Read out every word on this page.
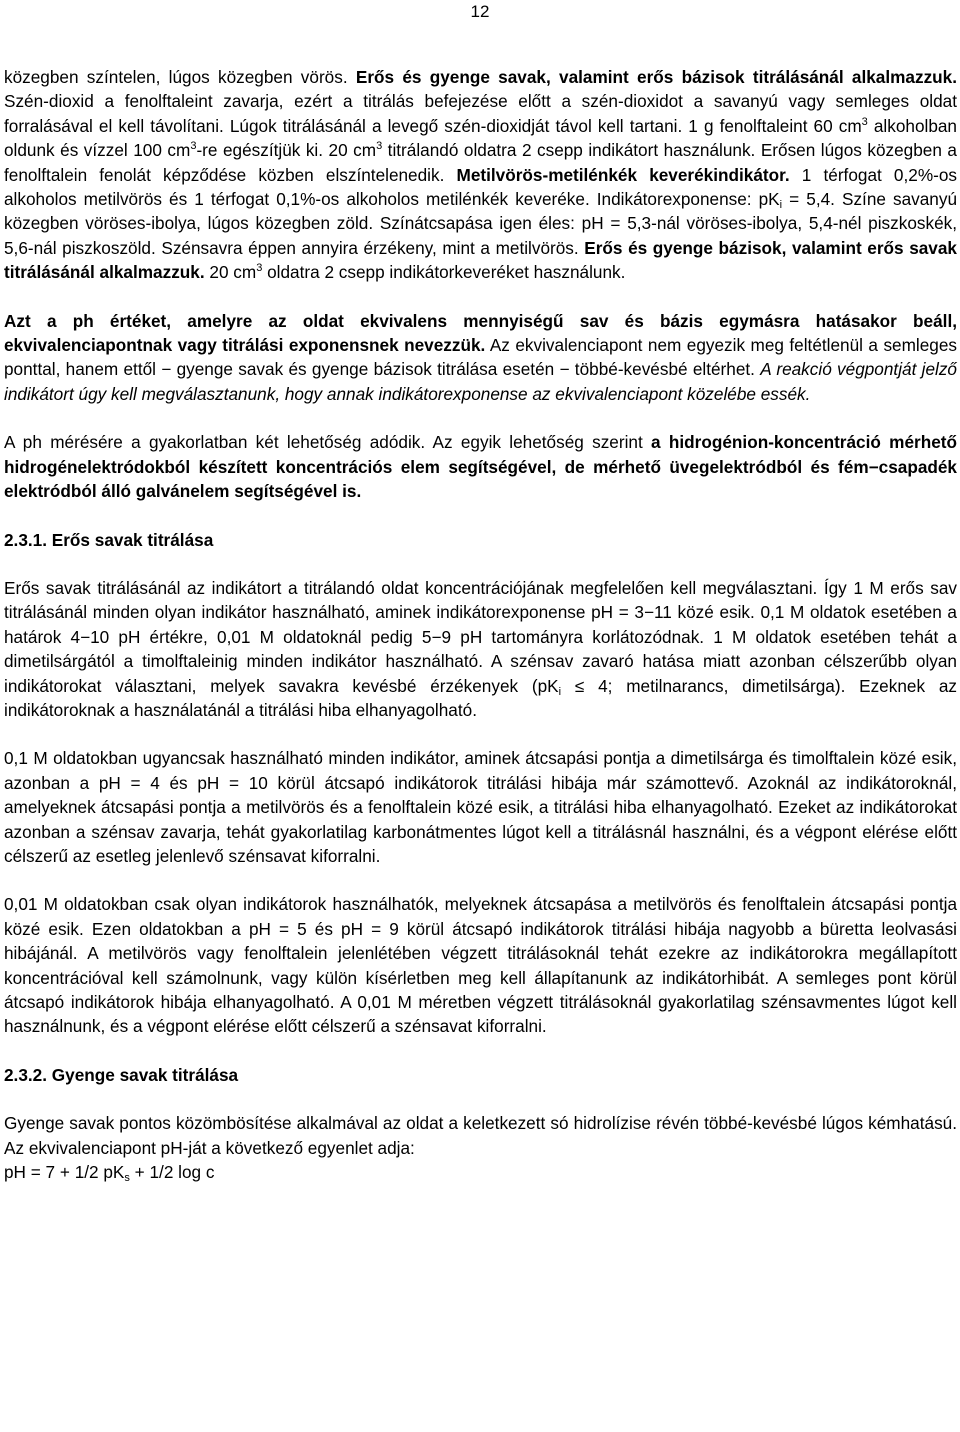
12

közegben színtelen, lúgos közegben vörös. Erős és gyenge savak, valamint erős bázisok titrálásánál alkalmazzuk. Szén-dioxid a fenolftaleint zavarja, ezért a titrálás befejezése előtt a szén-dioxidot a savanyú vagy semleges oldat forralásával el kell távolítani. Lúgok titrálásánál a levegő szén-dioxidját távol kell tartani. 1 g fenolftaleint 60 $cm^3$ alkoholban oldunk és vízzel 100 $cm^3-re$ egészítjük ki. 20 $cm^3$ titrálandó oldatra 2 csepp indikátort használunk. Erősen lúgos közegben a fenolftalein fenolát képződése közben elszíntelenedik. Metilvörös-metilénkék keverékindikátor. 1 térfogat 0,2%-os alkoholos metilvörös és 1 térfogat 0,1%-os alkoholos metilénkék keveréke. Indikátorexponense: $pK_i = 5,4$. Színe savanyú közegben vöröses-ibolya, lúgos közegben zöld. Színátcsapása igen éles: pH = 5,3-nál vöröses-ibolya, 5,4-nél piszkoskék, 5,6-nál piszkoszöld. Szénsavra éppen annyira érzékeny, mint a metilvörös. Erős és gyenge bázisok, valamint erős savak titrálásánál alkalmazzuk. 20 $cm^3$ oldatra 2 csepp indikátorkeveréket használunk.

Azt a ph értéket, amelyre az oldat ekvivalens mennyiségű sav és bázis egymásra hatásakor beáll, ekvivalenciapontnak vagy titrálási exponensnek nevezzük. Az ekvivalenciapont nem egyezik meg feltétlenül a semleges ponttal, hanem ettől − gyenge savak és gyenge bázisok titrálása esetén − többé-kevésbé eltérhet. A reakció végpontját jelző indikátort úgy kell megválasztanunk, hogy annak indikátorexponense az ekvivalenciapont közelébe essék.

A ph mérésére a gyakorlatban két lehetőség adódik. Az egyik lehetőség szerint a hidrogénion-koncentráció mérhető hidrogénelektródokból készített koncentrációs elem segítségével, de mérhető üvegelektródból és fém−csapadék elektródból álló galvánelem segítségével is.

2.3.1. Erős savak titrálása

Erős savak titrálásánál az indikátort a titrálandó oldat koncentrációjának megfelelően kell megválasztani. Így 1 M erős sav titrálásánál minden olyan indikátor használható, aminek indikátorexponense pH = 3−11 közé esik. 0,1 M oldatok esetében a határok 4−10 pH értékre, 0,01 M oldatoknál pedig 5−9 pH tartományra korlátozódnak. 1 M oldatok esetében tehát a dimetilsárgától a timolftaleinig minden indikátor használható. A szénsav zavaró hatása miatt azonban célszerűbb olyan indikátorokat választani, melyek savakra kevésbé érzékenyek ($pK_i \le 4$; metilnarancs, dimetilsárga). Ezeknek az indikátoroknak a használatánál a titrálási hiba elhanyagolható.

0,1 M oldatokban ugyancsak használható minden indikátor, aminek átcsapási pontja a dimetilsárga és timolftalein közé esik, azonban a pH = 4 és pH = 10 körül átcsapó indikátorok titrálási hibája már számottevő. Azoknál az indikátoroknál, amelyeknek átcsapási pontja a metilvörös és a fenolftalein közé esik, a titrálási hiba elhanyagolható. Ezeket az indikátorokat azonban a szénsav zavarja, tehát gyakorlatilag karbonátmentes lúgot kell a titrálásnál használni, és a végpont elérése előtt célszerű az esetleg jelenlevő szénsavat kiforralni.

0,01 M oldatokban csak olyan indikátorok használhatók, melyeknek átcsapása a metilvörös és fenolftalein átcsapási pontja közé esik. Ezen oldatokban a pH = 5 és pH = 9 körül átcsapó indikátorok titrálási hibája nagyobb a büretta leolvasási hibájánál. A metilvörös vagy fenolftalein jelenlétében végzett titrálásoknál tehát ezekre az indikátorokra megállapított koncentrációval kell számolnunk, vagy külön kísérletben meg kell állapítanunk az indikátorhibát. A semleges pont körül átcsapó indikátorok hibája elhanyagolható. A 0,01 M méretben végzett titrálásoknál gyakorlatilag szénsavmentes lúgot kell használnunk, és a végpont elérése előtt célszerű a szénsavat kiforralni.

2.3.2. Gyenge savak titrálása

Gyenge savak pontos közömbösítése alkalmával az oldat a keletkezett só hidrolízise révén többé-kevésbé lúgos kémhatású. Az ekvivalenciapont pH-ját a következő egyenlet adja:

pH = 7 + 1/2 $pK_s + 1/2$ log c
